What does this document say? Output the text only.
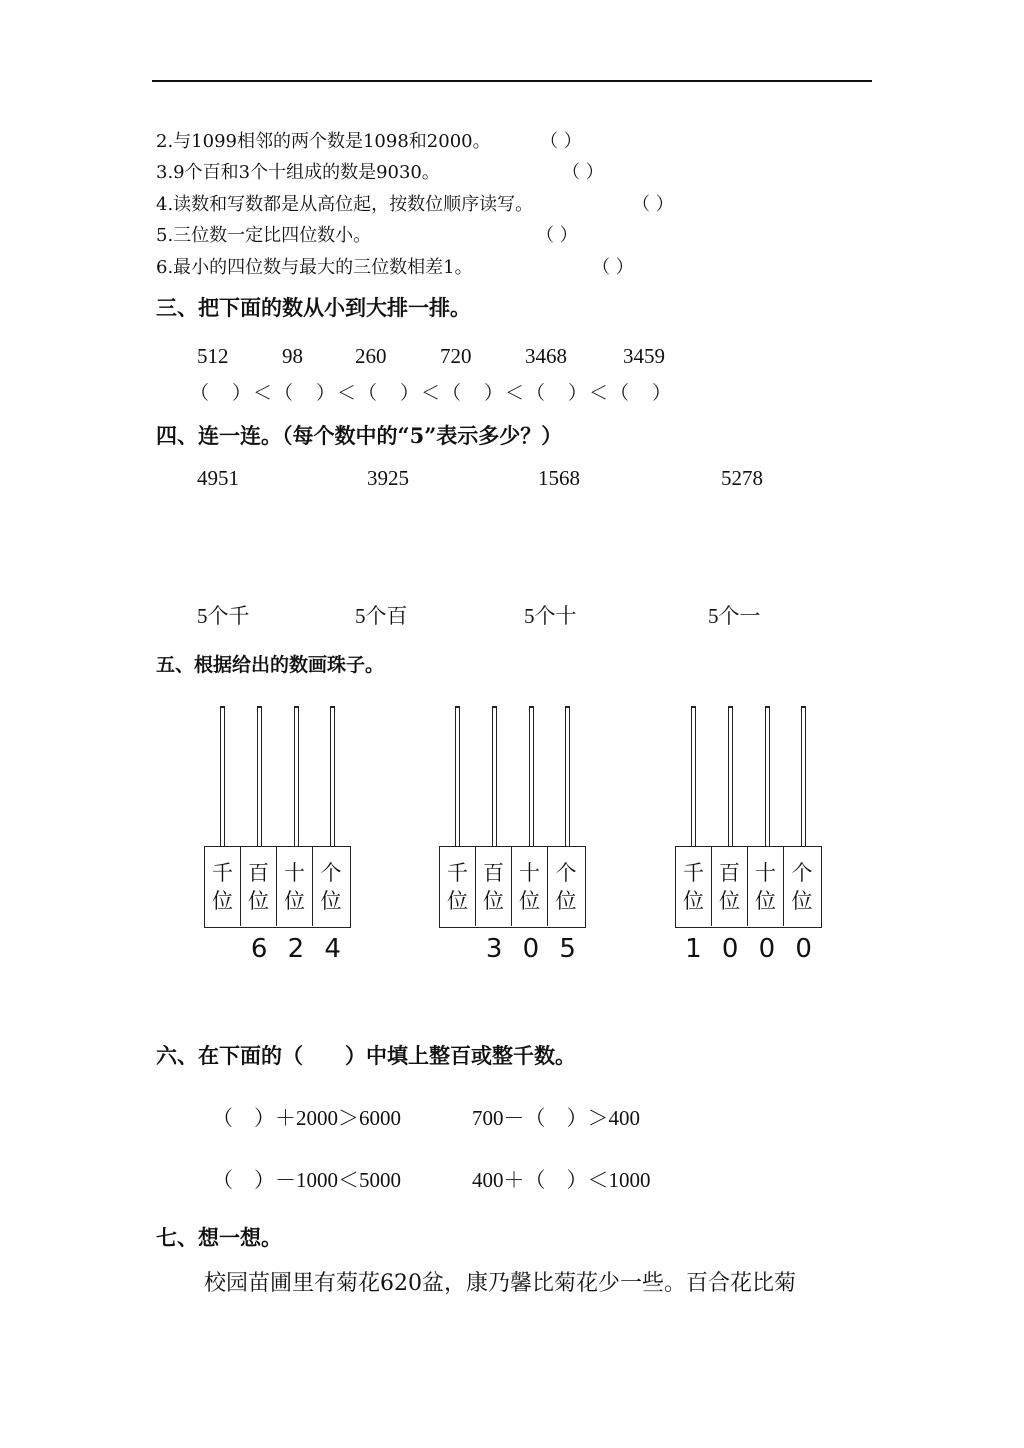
2.与1099相邻的两个数是1098和2000。	（ ）
3.9个百和3个十组成的数是9030。	（ ）
4.读数和写数都是从高位起，按数位顺序读写。	（ ）
5.三位数一定比四位数小。	（ ）
6.最小的四位数与最大的三位数相差1。	（ ）
三、把下面的数从小到大排一排。
512	98 260	720	3468	3459
（　）＜（　）＜（　）＜（　）＜（　）＜（　）
四、连一连。（每个数中的“5”表示多少？）
4951	3925	1568	5278
5个千	5个百	5个十	5个一
五、根据给出的数画珠子。
千
位
百
位
十
位
个
位
6 2 4
千
位
百
位
十
位
个
位
3 0 5
千
位
百
位
十
位
个
位
1 0 0 0
六、在下面的（　　）中填上整百或整千数。
（　）＋2000＞6000	700－（　）＞400
（　）－1000＜5000	400＋（　）＜1000
七、想一想。
校园苗圃里有菊花620盆，康乃馨比菊花少一些。百合花比菊
